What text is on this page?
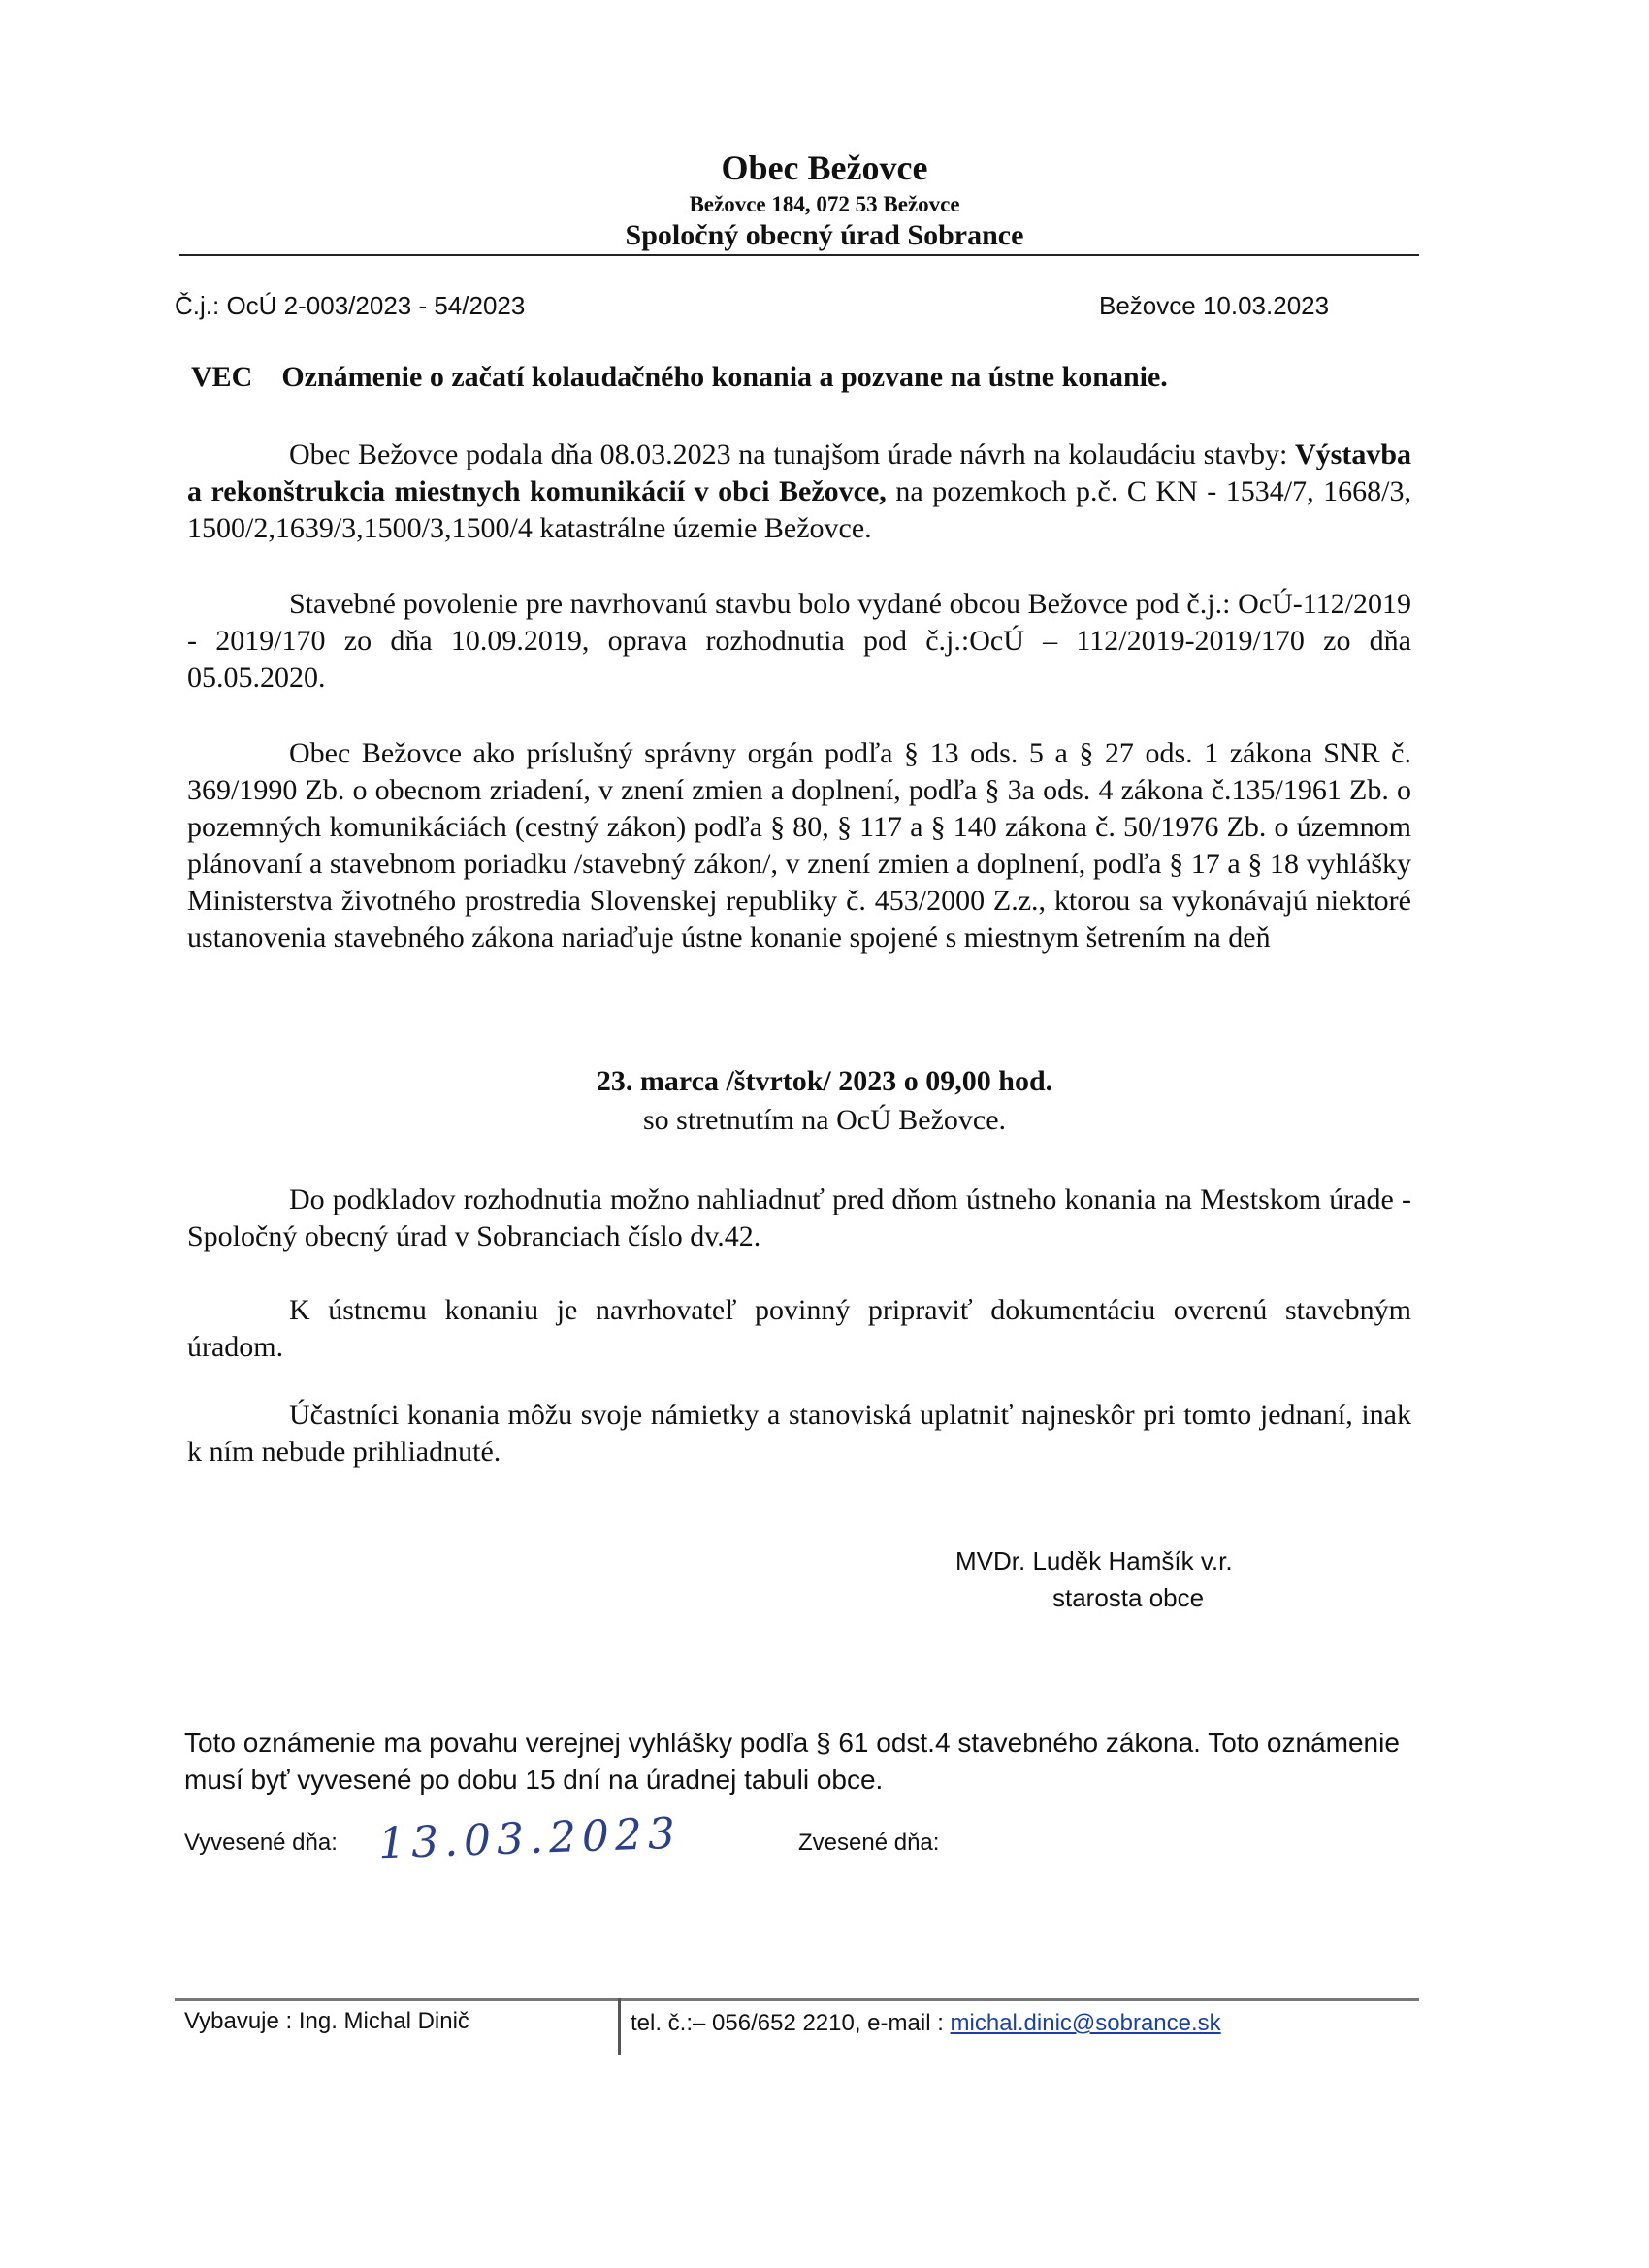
Obec Bežovce
Bežovce 184, 072 53 Bežovce
Spoločný obecný úrad Sobrance
Č.j.: OcÚ 2-003/2023 - 54/2023	Bežovce 10.03.2023
VEC Oznámenie o začatí kolaudačného konania a pozvane na ústne konanie.
Obec Bežovce podala dňa 08.03.2023 na tunajšom úrade návrh na kolaudáciu stavby: Výstavba a rekonštrukcia miestnych komunikácií v obci Bežovce, na pozemkoch p.č. C KN - 1534/7, 1668/3, 1500/2,1639/3,1500/3,1500/4 katastrálne územie Bežovce.
Stavebné povolenie pre navrhovanú stavbu bolo vydané obcou Bežovce pod č.j.: OcÚ-112/2019 - 2019/170 zo dňa 10.09.2019, oprava rozhodnutia pod č.j.:OcÚ – 112/2019-2019/170 zo dňa 05.05.2020.
Obec Bežovce ako príslušný správny orgán podľa § 13 ods. 5 a § 27 ods. 1 zákona SNR č. 369/1990 Zb. o obecnom zriadení, v znení zmien a doplnení, podľa § 3a ods. 4 zákona č.135/1961 Zb. o pozemných komunikáciách (cestný zákon) podľa § 80, § 117 a § 140 zákona č. 50/1976 Zb. o územnom plánovaní a stavebnom poriadku /stavebný zákon/, v znení zmien a doplnení, podľa § 17 a § 18 vyhlášky Ministerstva životného prostredia Slovenskej republiky č. 453/2000 Z.z., ktorou sa vykonávajú niektoré ustanovenia stavebného zákona nariaďuje ústne konanie spojené s miestnym šetrením na deň
23. marca /štvrtok/ 2023 o 09,00 hod.
so stretnutím na OcÚ Bežovce.
Do podkladov rozhodnutia možno nahliadnuť pred dňom ústneho konania na Mestskom úrade - Spoločný obecný úrad v Sobranciach číslo dv.42.
K ústnemu konaniu je navrhovateľ povinný pripraviť dokumentáciu overenú stavebným úradom.
Účastníci konania môžu svoje námietky a stanoviská uplatniť najneskôr pri tomto jednaní, inak k ním nebude prihliadnuté.
MVDr. Luděk Hamšík v.r.
starosta obce
Toto oznámenie ma povahu verejnej vyhlášky podľa § 61 odst.4 stavebného zákona. Toto oznámenie musí byť vyvesené po dobu 15 dní na úradnej tabuli obce.
Vyvesené dňa: 13.03.2023	Zvesené dňa:
Vybavuje : Ing. Michal Dinič	tel. č.:– 056/652 2210, e-mail : michal.dinic@sobrance.sk
